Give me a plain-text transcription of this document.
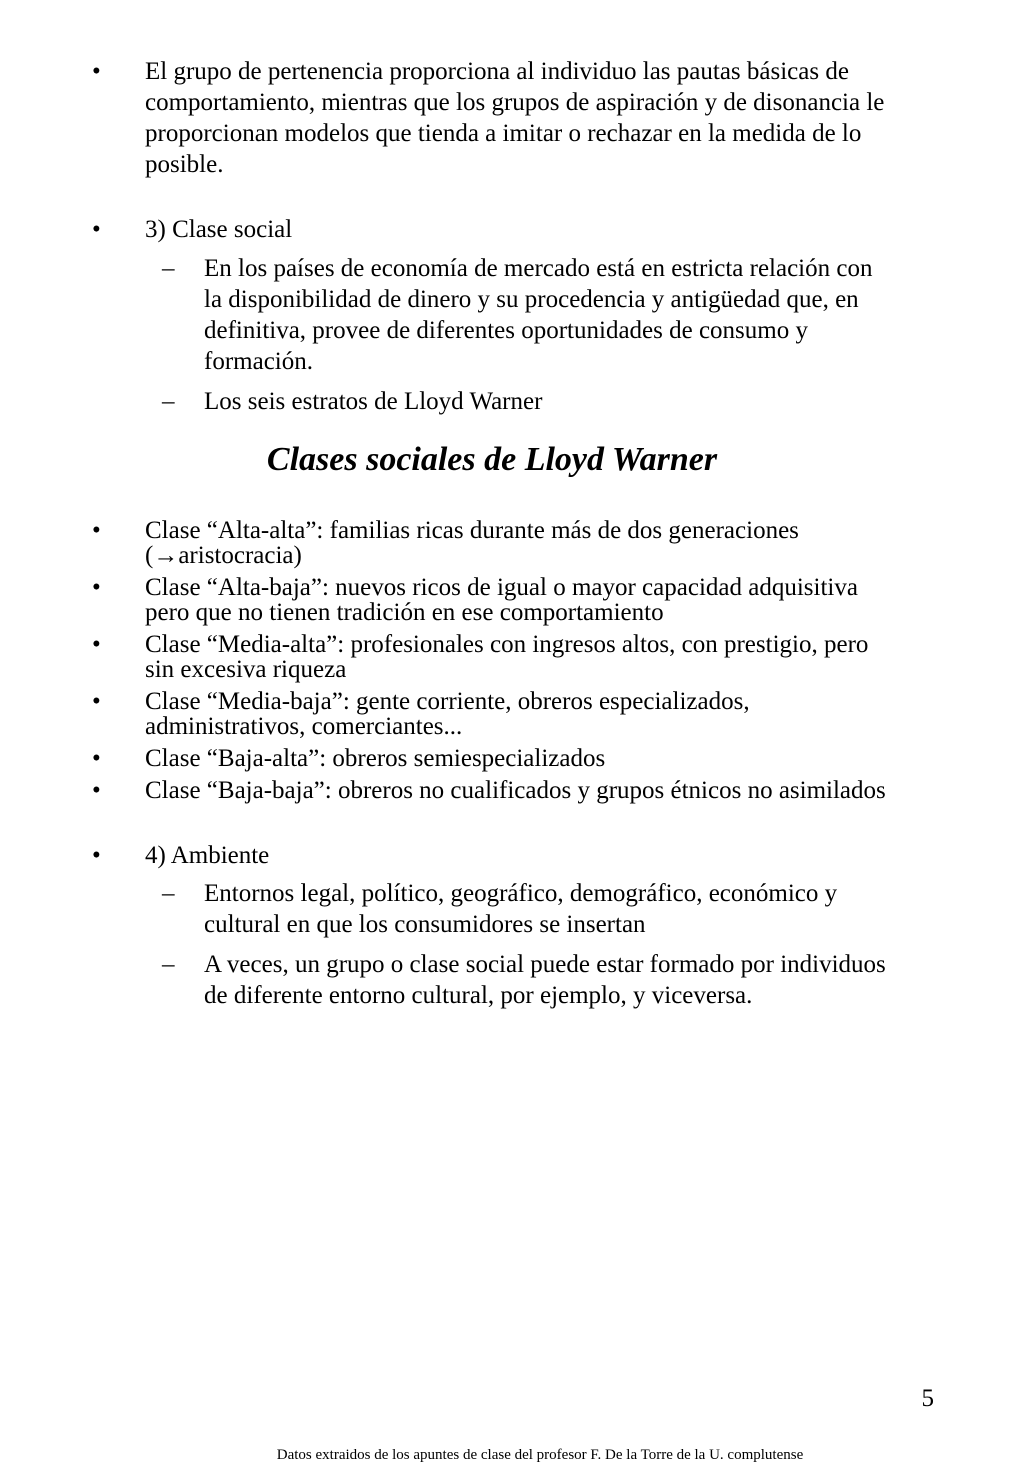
•	El grupo de pertenencia proporciona al individuo las pautas básicas de
comportamiento, mientras que los grupos de aspiración y de disonancia le
proporcionan modelos que tienda a imitar o rechazar en la medida de lo
posible.
•	3) Clase social
–	En los países de economía de mercado está en estricta relación con
la disponibilidad de dinero y su procedencia y antigüedad que, en
definitiva, provee de diferentes oportunidades de consumo y
formación.
–	Los seis estratos de Lloyd Warner
Clases sociales de Lloyd Warner
•	Clase “Alta-alta”: familias ricas durante más de dos generaciones
(→aristocracia)
•	Clase “Alta-baja”: nuevos ricos de igual o mayor capacidad adquisitiva
pero que no tienen tradición en ese comportamiento
•	Clase “Media-alta”: profesionales con ingresos altos, con prestigio, pero
sin excesiva riqueza
•	Clase “Media-baja”: gente corriente, obreros especializados,
administrativos, comerciantes...
•	Clase “Baja-alta”: obreros semiespecializados
•	Clase “Baja-baja”: obreros no cualificados y grupos étnicos no asimilados
•	4) Ambiente
–	Entornos legal, político, geográfico, demográfico, económico y
cultural en que los consumidores se insertan
–	A veces, un grupo o clase social puede estar formado por individuos
de diferente entorno cultural, por ejemplo, y viceversa.
5
Datos extraidos de los apuntes de clase del profesor F. De la Torre de la U. complutense
